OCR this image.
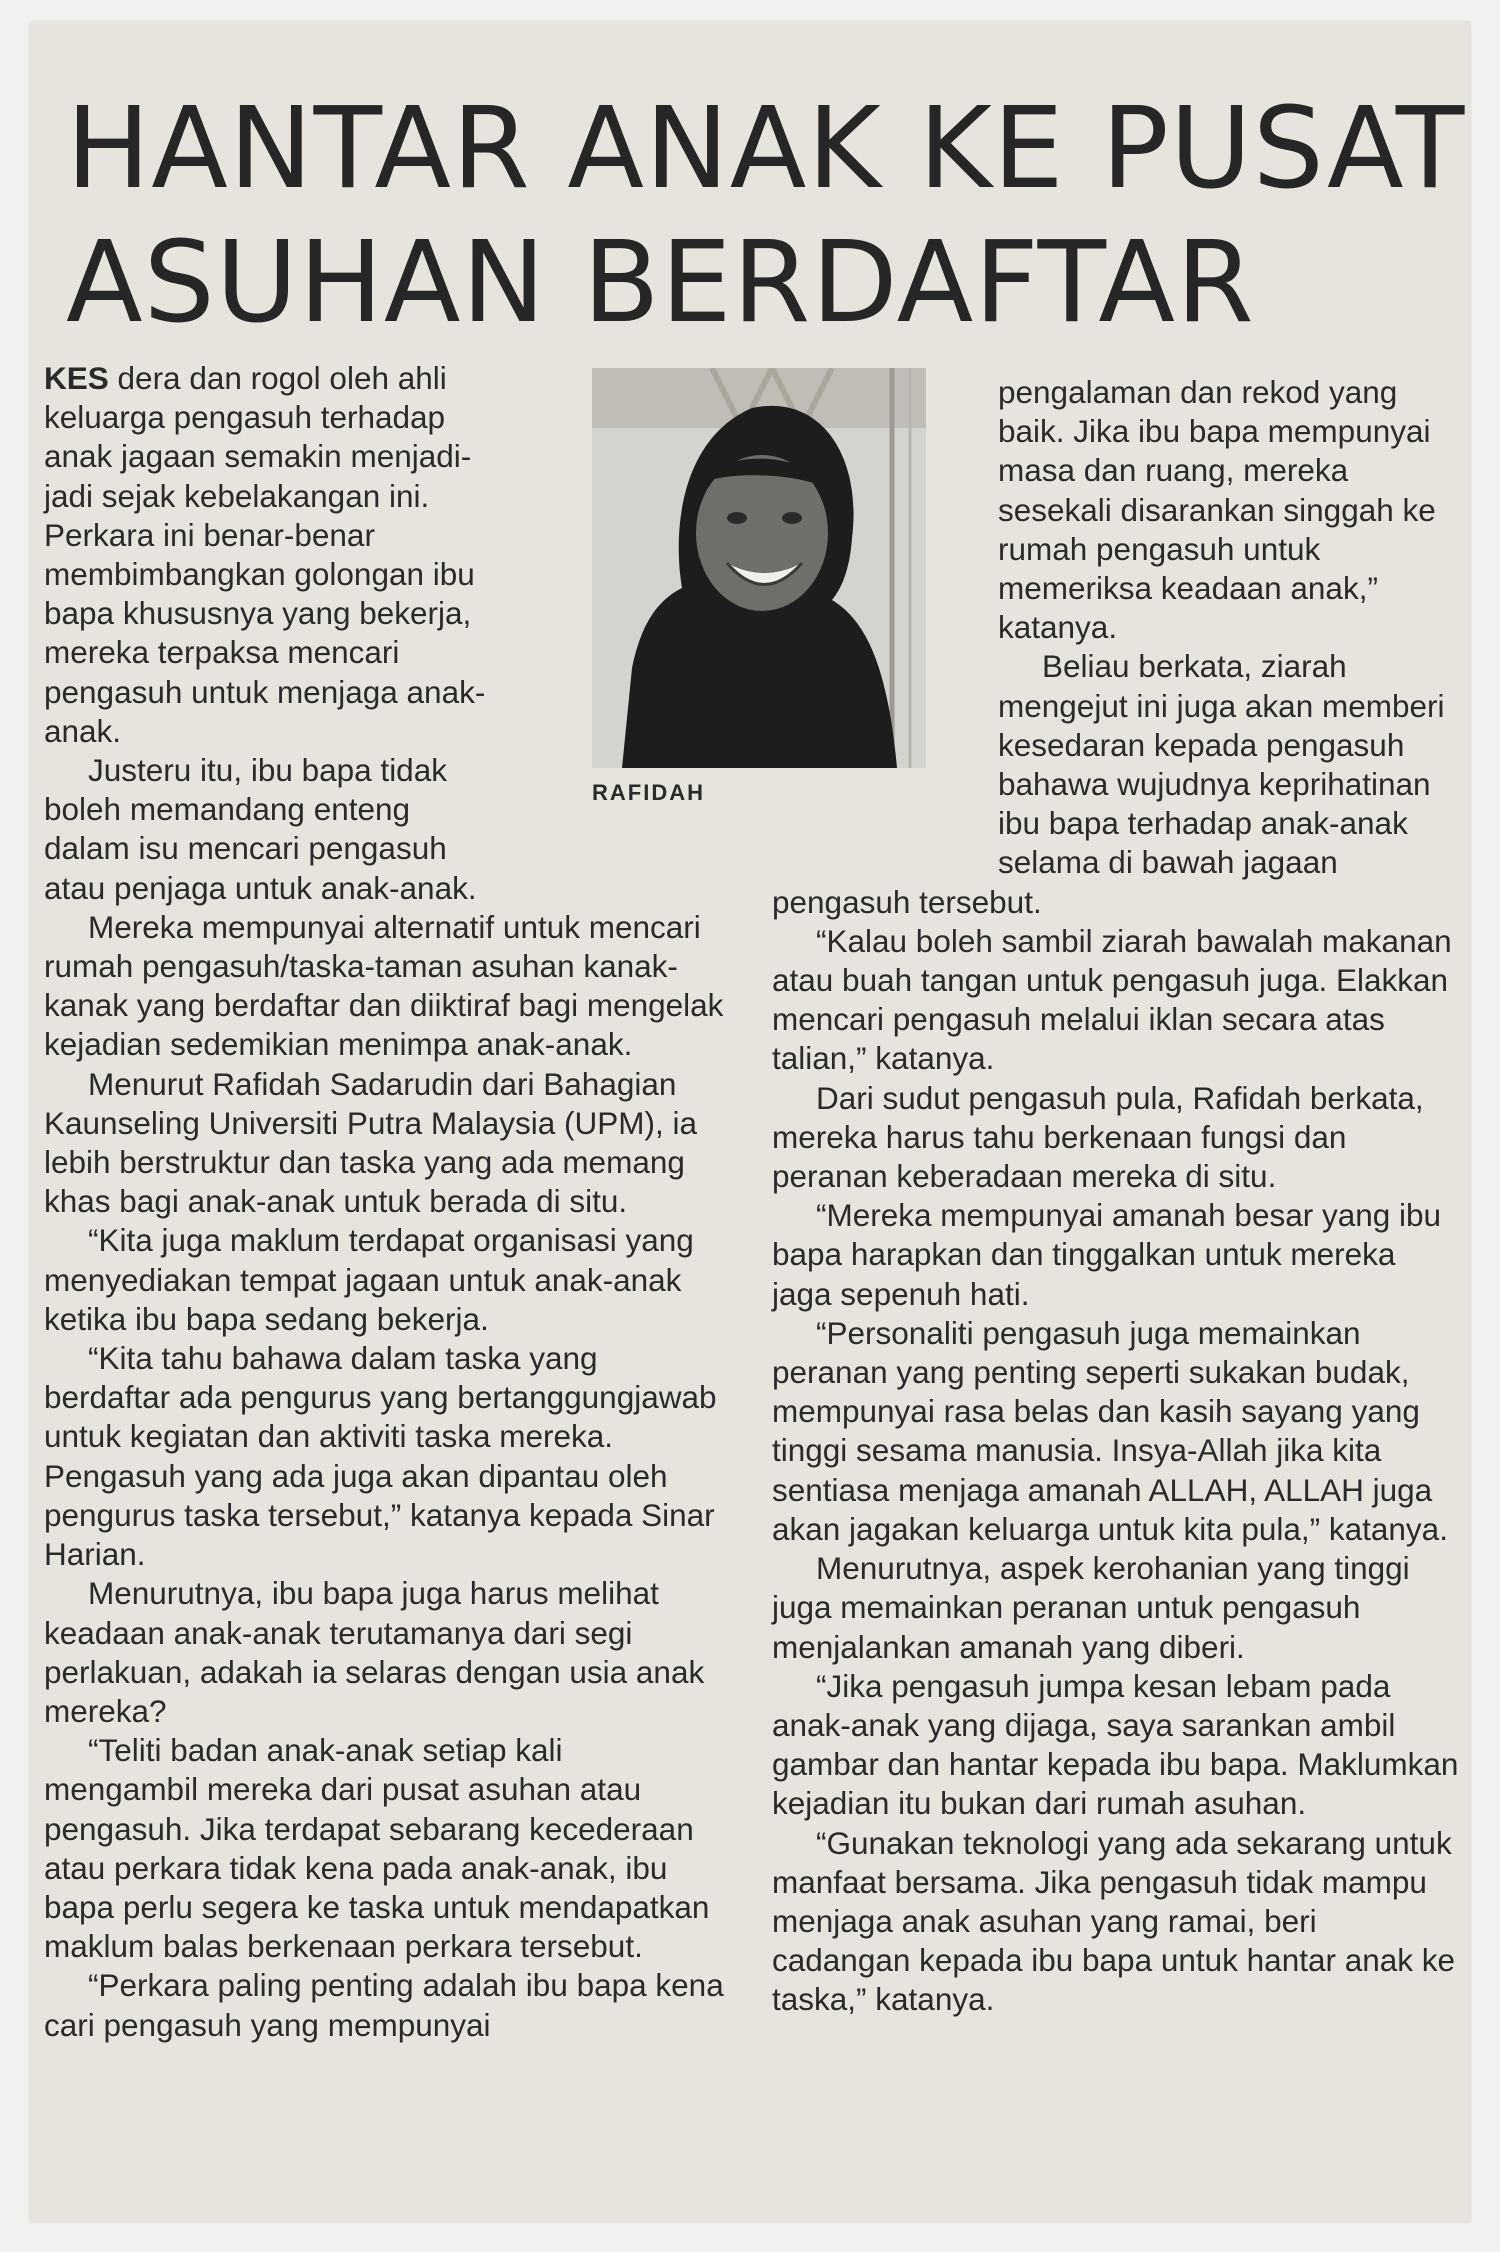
HANTAR ANAK KE PUSAT
ASUHAN BERDAFTAR

KES dera dan rogol oleh ahli keluarga pengasuh terhadap anak jagaan semakin menjadi-jadi sejak kebelakangan ini. Perkara ini benar-benar membimbangkan golongan ibu bapa khususnya yang bekerja, mereka terpaksa mencari pengasuh untuk menjaga anak-anak.

Justeru itu, ibu bapa tidak boleh memandang enteng dalam isu mencari pengasuh atau penjaga untuk anak-anak.

Mereka mempunyai alternatif untuk mencari rumah pengasuh/taska-taman asuhan kanak-kanak yang berdaftar dan diiktiraf bagi mengelak kejadian sedemikian menimpa anak-anak.

Menurut Rafidah Sadarudin dari Bahagian Kaunseling Universiti Putra Malaysia (UPM), ia lebih berstruktur dan taska yang ada memang khas bagi anak-anak untuk berada di situ.

“Kita juga maklum terdapat organisasi yang menyediakan tempat jagaan untuk anak-anak ketika ibu bapa sedang bekerja.

“Kita tahu bahawa dalam taska yang berdaftar ada pengurus yang bertanggungjawab untuk kegiatan dan aktiviti taska mereka. Pengasuh yang ada juga akan dipantau oleh pengurus taska tersebut,” katanya kepada Sinar Harian.

Menurutnya, ibu bapa juga harus melihat keadaan anak-anak terutamanya dari segi perlakuan, adakah ia selaras dengan usia anak mereka?

“Teliti badan anak-anak setiap kali mengambil mereka dari pusat asuhan atau pengasuh. Jika terdapat sebarang kecederaan atau perkara tidak kena pada anak-anak, ibu bapa perlu segera ke taska untuk mendapatkan maklum balas berkenaan perkara tersebut.

“Perkara paling penting adalah ibu bapa kena cari pengasuh yang mempunyai

RAFIDAH

pengalaman dan rekod yang baik. Jika ibu bapa mempunyai masa dan ruang, mereka sesekali disarankan singgah ke rumah pengasuh untuk memeriksa keadaan anak,” katanya.

Beliau berkata, ziarah mengejut ini juga akan memberi kesedaran kepada pengasuh bahawa wujudnya keprihatinan ibu bapa terhadap anak-anak selama di bawah jagaan pengasuh tersebut.

“Kalau boleh sambil ziarah bawalah makanan atau buah tangan untuk pengasuh juga. Elakkan mencari pengasuh melalui iklan secara atas talian,” katanya.

Dari sudut pengasuh pula, Rafidah berkata, mereka harus tahu berkenaan fungsi dan peranan keberadaan mereka di situ.

“Mereka mempunyai amanah besar yang ibu bapa harapkan dan tinggalkan untuk mereka jaga sepenuh hati.

“Personaliti pengasuh juga memainkan peranan yang penting seperti sukakan budak, mempunyai rasa belas dan kasih sayang yang tinggi sesama manusia. Insya-Allah jika kita sentiasa menjaga amanah ALLAH, ALLAH juga akan jagakan keluarga untuk kita pula,” katanya.

Menurutnya, aspek kerohanian yang tinggi juga memainkan peranan untuk pengasuh menjalankan amanah yang diberi.

“Jika pengasuh jumpa kesan lebam pada anak-anak yang dijaga, saya sarankan ambil gambar dan hantar kepada ibu bapa. Maklumkan kejadian itu bukan dari rumah asuhan.

“Gunakan teknologi yang ada sekarang untuk manfaat bersama. Jika pengasuh tidak mampu menjaga anak asuhan yang ramai, beri cadangan kepada ibu bapa untuk hantar anak ke taska,” katanya.
